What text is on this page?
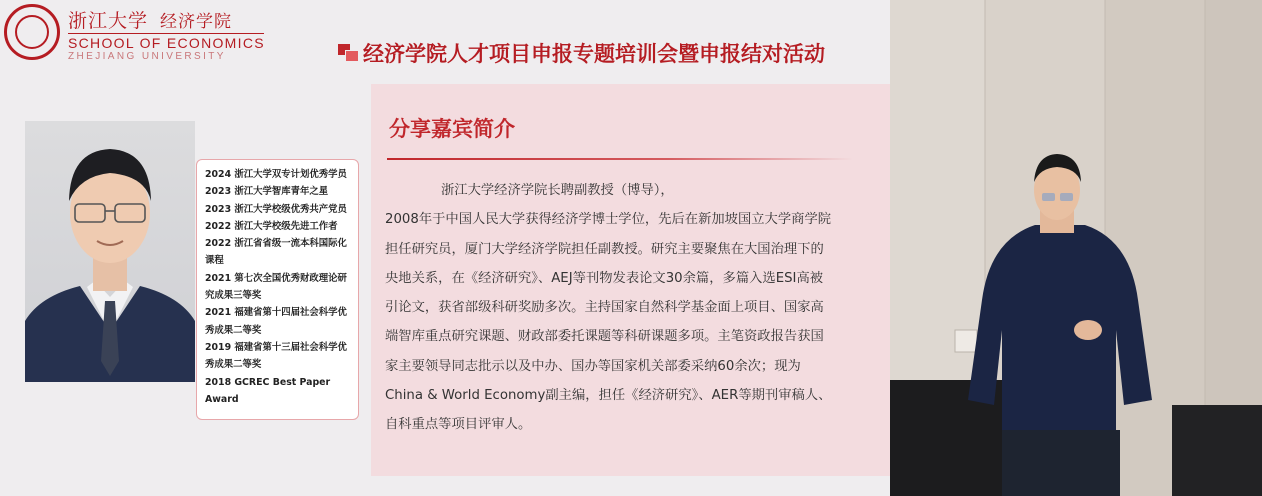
浙江大学 经济学院
SCHOOL OF ECONOMICS
ZHEJIANG UNIVERSITY	经济学院人才项目申报专题培训会暨申报结对活动
2024 浙江大学双专计划优秀学员
2023 浙江大学智库青年之星
2023 浙江大学校级优秀共产党员
2022 浙江大学校级先进工作者
2022 浙江省省级一流本科国际化课程
2021 第七次全国优秀财政理论研究成果三等奖
2021 福建省第十四届社会科学优秀成果二等奖
2019 福建省第十三届社会科学优秀成果二等奖
2018 GCREC Best Paper Award
分享嘉宾简介
浙江大学经济学院长聘副教授（博导），
2008年于中国人民大学获得经济学博士学位，先后在新加坡国立大学商学院
担任研究员，厦门大学经济学院担任副教授。研究主要聚焦在大国治理下的
央地关系，在《经济研究》、AEJ等刊物发表论文30余篇，多篇入选ESI高被
引论文，获省部级科研奖励多次。主持国家自然科学基金面上项目、国家高
端智库重点研究课题、财政部委托课题等科研课题多项。主笔资政报告获国
家主要领导同志批示以及中办、国办等国家机关部委采纳60余次；现为
China & World Economy副主编，担任《经济研究》、AER等期刊审稿人、
自科重点等项目评审人。
